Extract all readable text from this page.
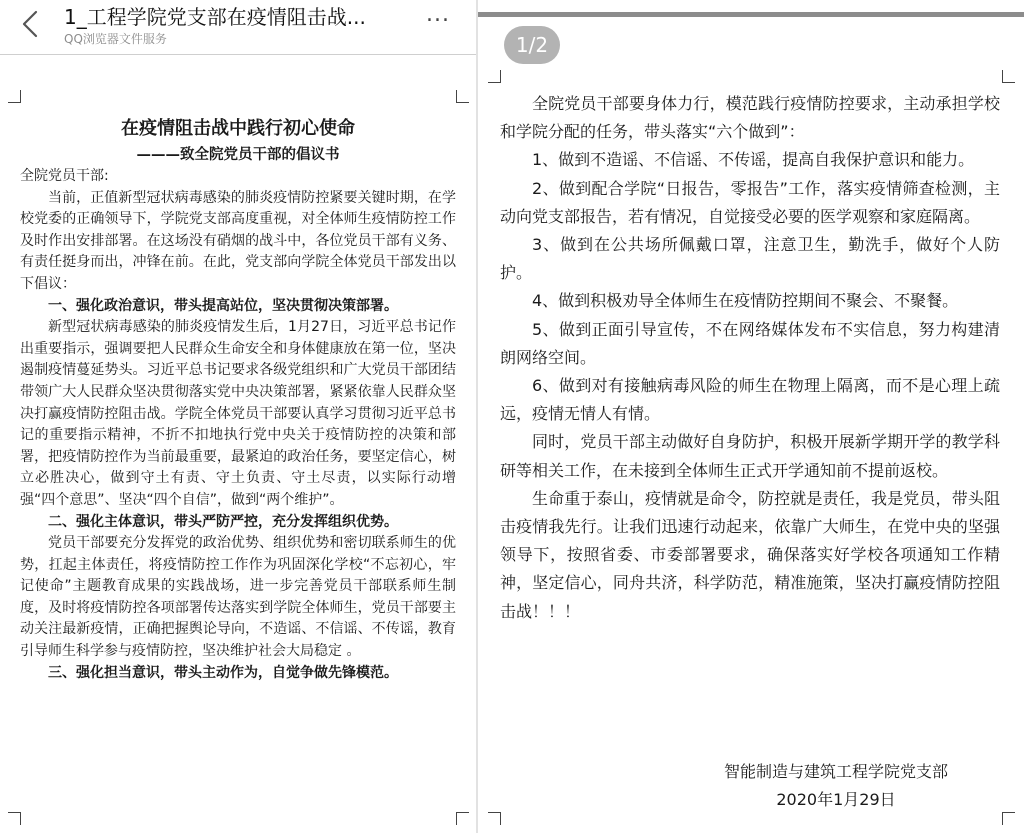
1_工程学院党支部在疫情阻击战...
QQ浏览器文件服务
...

在疫情阻击战中践行初心使命

———致全院党员干部的倡议书

全院党员干部:

当前，正值新型冠状病毒感染的肺炎疫情防控紧要关键时期，在学校党委的正确领导下，学院党支部高度重视，对全体师生疫情防控工作及时作出安排部署。在这场没有硝烟的战斗中，各位党员干部有义务、有责任挺身而出，冲锋在前。在此，党支部向学院全体党员干部发出以下倡议：

一、强化政治意识，带头提高站位，坚决贯彻决策部署。

新型冠状病毒感染的肺炎疫情发生后，1月27日，习近平总书记作出重要指示，强调要把人民群众生命安全和身体健康放在第一位，坚决遏制疫情蔓延势头。习近平总书记要求各级党组织和广大党员干部团结带领广大人民群众坚决贯彻落实党中央决策部署，紧紧依靠人民群众坚决打赢疫情防控阻击战。学院全体党员干部要认真学习贯彻习近平总书记的重要指示精神，不折不扣地执行党中央关于疫情防控的决策和部署，把疫情防控作为当前最重要，最紧迫的政治任务，要坚定信心，树立必胜决心，做到守土有责、守土负责、守土尽责，以实际行动增强“四个意思”、坚决“四个自信”，做到“两个维护”。

二、强化主体意识，带头严防严控，充分发挥组织优势。

党员干部要充分发挥党的政治优势、组织优势和密切联系师生的优势，扛起主体责任，将疫情防控工作作为巩固深化学校“不忘初心，牢记使命”主题教育成果的实践战场，进一步完善党员干部联系师生制度，及时将疫情防控各项部署传达落实到学院全体师生，党员干部要主动关注最新疫情，正确把握舆论导向，不造谣、不信谣、不传谣，教育引导师生科学参与疫情防控，坚决维护社会大局稳定 。

三、强化担当意识，带头主动作为，自觉争做先锋模范。

1/2

全院党员干部要身体力行，模范践行疫情防控要求，主动承担学校和学院分配的任务，带头落实“六个做到”：

1、做到不造谣、不信谣、不传谣，提高自我保护意识和能力。

2、做到配合学院“日报告，零报告”工作，落实疫情筛查检测，主动向党支部报告，若有情况，自觉接受必要的医学观察和家庭隔离。

3、做到在公共场所佩戴口罩，注意卫生，勤洗手，做好个人防护。

4、做到积极劝导全体师生在疫情防控期间不聚会、不聚餐。

5、做到正面引导宣传，不在网络媒体发布不实信息，努力构建清朗网络空间。

6、做到对有接触病毒风险的师生在物理上隔离，而不是心理上疏远，疫情无情人有情。

同时，党员干部主动做好自身防护，积极开展新学期开学的教学科研等相关工作，在未接到全体师生正式开学通知前不提前返校。

生命重于泰山，疫情就是命令，防控就是责任，我是党员，带头阻击疫情我先行。让我们迅速行动起来，依靠广大师生，在党中央的坚强领导下，按照省委、市委部署要求，确保落实好学校各项通知工作精神，坚定信心，同舟共济，科学防范，精准施策，坚决打赢疫情防控阻击战！！！

智能制造与建筑工程学院党支部
2020年1月29日
